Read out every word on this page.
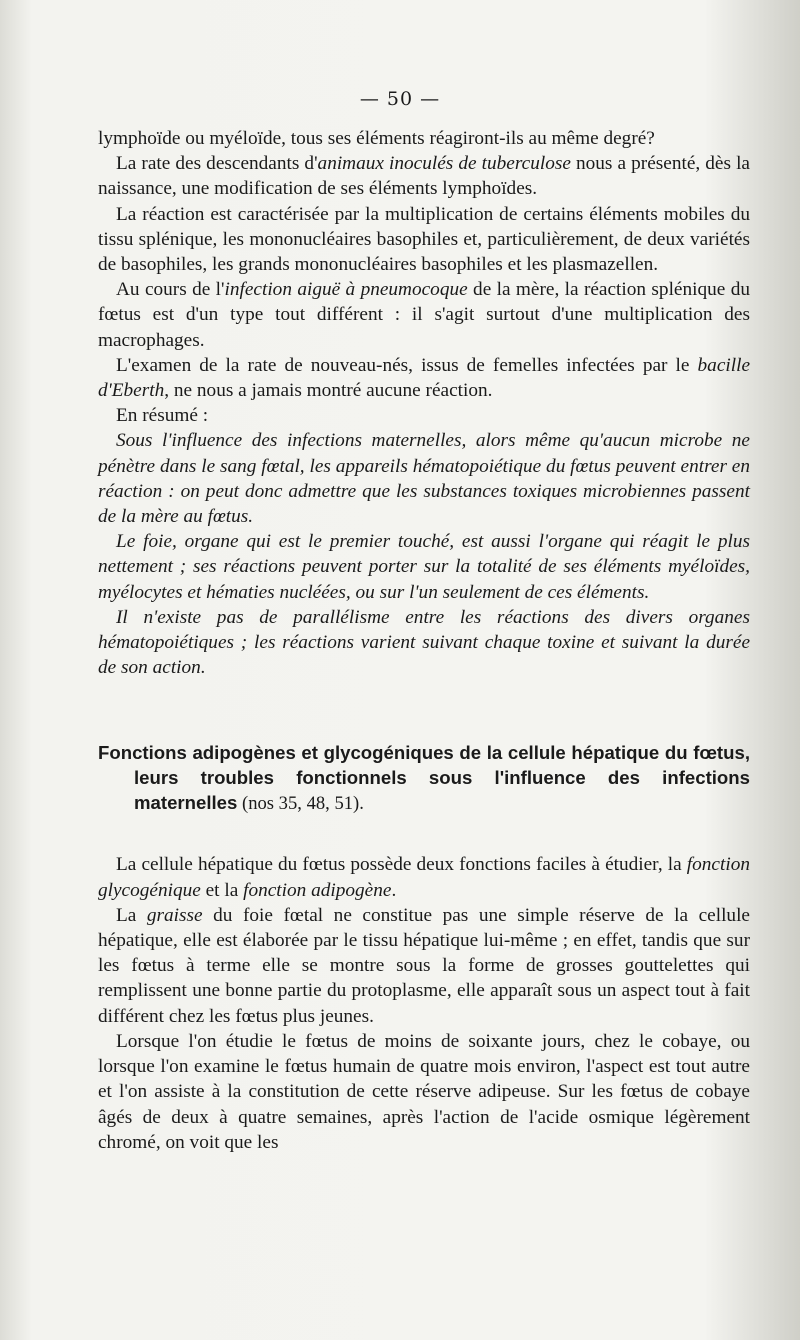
— 50 —

lymphoïde ou myéloïde, tous ses éléments réagiront-ils au même degré?

La rate des descendants d'animaux inoculés de tuberculose nous a présenté, dès la naissance, une modification de ses éléments lymphoïdes.

La réaction est caractérisée par la multiplication de certains éléments mobiles du tissu splénique, les mononucléaires basophiles et, particulièrement, de deux variétés de basophiles, les grands mononucléaires basophiles et les plasmazellen.

Au cours de l'infection aiguë à pneumocoque de la mère, la réaction splénique du fœtus est d'un type tout différent : il s'agit surtout d'une multiplication des macrophages.

L'examen de la rate de nouveau-nés, issus de femelles infectées par le bacille d'Eberth, ne nous a jamais montré aucune réaction.

En résumé :

Sous l'influence des infections maternelles, alors même qu'aucun microbe ne pénètre dans le sang fœtal, les appareils hématopoiétique du fœtus peuvent entrer en réaction : on peut donc admettre que les substances toxiques microbiennes passent de la mère au fœtus.

Le foie, organe qui est le premier touché, est aussi l'organe qui réagit le plus nettement ; ses réactions peuvent porter sur la totalité de ses éléments myéloïdes, myélocytes et hématies nucléées, ou sur l'un seulement de ces éléments.

Il n'existe pas de parallélisme entre les réactions des divers organes hématopoiétiques ; les réactions varient suivant chaque toxine et suivant la durée de son action.

Fonctions adipogènes et glycogéniques de la cellule hépatique du fœtus, leurs troubles fonctionnels sous l'influence des infections maternelles (nos 35, 48, 51).

La cellule hépatique du fœtus possède deux fonctions faciles à étudier, la fonction glycogénique et la fonction adipogène.

La graisse du foie fœtal ne constitue pas une simple réserve de la cellule hépatique, elle est élaborée par le tissu hépatique lui-même ; en effet, tandis que sur les fœtus à terme elle se montre sous la forme de grosses gouttelettes qui remplissent une bonne partie du protoplasme, elle apparaît sous un aspect tout à fait différent chez les fœtus plus jeunes.

Lorsque l'on étudie le fœtus de moins de soixante jours, chez le cobaye, ou lorsque l'on examine le fœtus humain de quatre mois environ, l'aspect est tout autre et l'on assiste à la constitution de cette réserve adipeuse. Sur les fœtus de cobaye âgés de deux à quatre semaines, après l'action de l'acide osmique légèrement chromé, on voit que les
